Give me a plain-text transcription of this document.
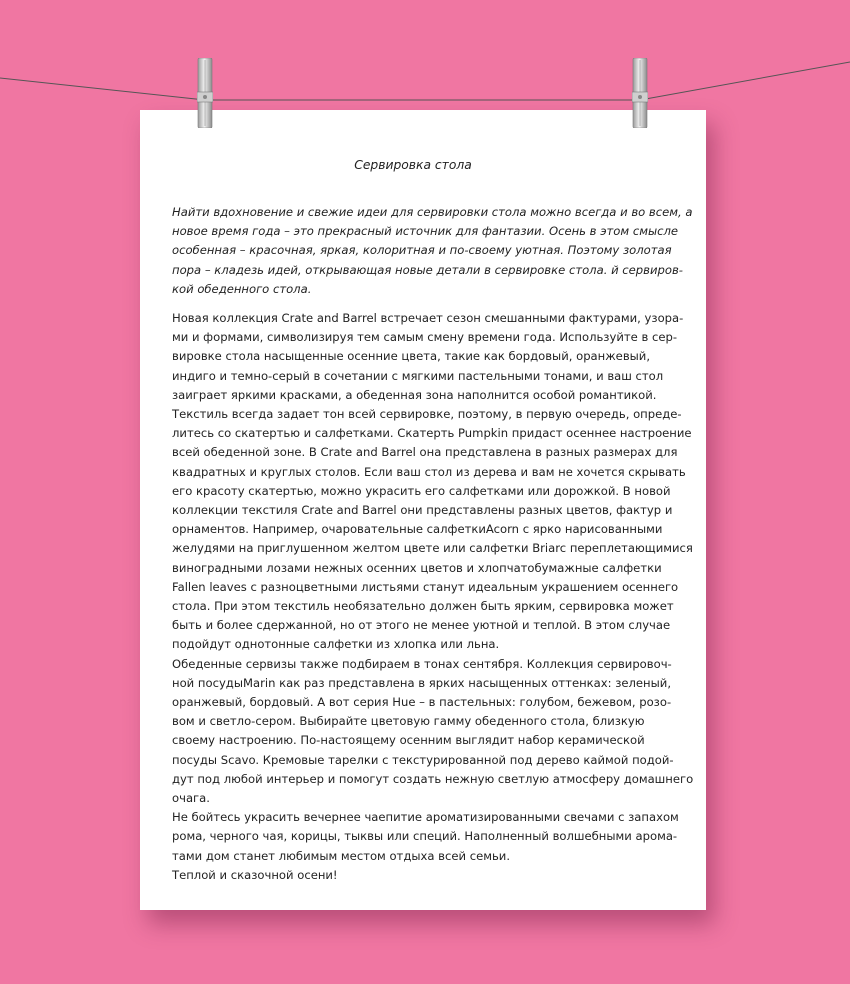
Сервировка стола
Найти вдохновение и свежие идеи для сервировки стола можно всегда и во всем, а
новое время года – это прекрасный источник для фантазии. Осень в этом смысле
особенная – красочная, яркая, колоритная и по-своему уютная. Поэтому золотая
пора – кладезь идей, открывающая новые детали в сервировке стола. й сервиров-
кой обеденного стола.
Новая коллекция Crate and Barrel встречает сезон смешанными фактурами, узора-
ми и формами, символизируя тем самым смену времени года. Используйте в сер-
вировке стола насыщенные осенние цвета, такие как бордовый, оранжевый,
индиго и темно-серый в сочетании с мягкими пастельными тонами, и ваш стол
заиграет яркими красками, а обеденная зона наполнится особой романтикой.
Текстиль всегда задает тон всей сервировке, поэтому, в первую очередь, опреде-
литесь со скатертью и салфетками. Скатерть Pumpkin придаст осеннее настроение
всей обеденной зоне. В Crate and Barrel она представлена в разных размерах для
квадратных и круглых столов. Если ваш стол из дерева и вам не хочется скрывать
его красоту скатертью, можно украсить его салфетками или дорожкой. В новой
коллекции текстиля Crate and Barrel они представлены разных цветов, фактур и
орнаментов. Например, очаровательные салфеткиAcorn с ярко нарисованными
желудями на приглушенном желтом цвете или салфетки Briarc переплетающимися
виноградными лозами нежных осенних цветов и хлопчатобумажные салфетки
Fallen leaves с разноцветными листьями станут идеальным украшением осеннего
стола. При этом текстиль необязательно должен быть ярким, сервировка может
быть и более сдержанной, но от этого не менее уютной и теплой. В этом случае
подойдут однотонные салфетки из хлопка или льна.
Обеденные сервизы также подбираем в тонах сентября. Коллекция сервировоч-
ной посудыMarin как раз представлена в ярких насыщенных оттенках: зеленый,
оранжевый, бордовый. А вот серия Hue – в пастельных: голубом, бежевом, розо-
вом и светло-сером. Выбирайте цветовую гамму обеденного стола, близкую
своему настроению. По-настоящему осенним выглядит набор керамической
посуды Scavo. Кремовые тарелки с текстурированной под дерево каймой подой-
дут под любой интерьер и помогут создать нежную светлую атмосферу домашнего
очага.
Не бойтесь украсить вечернее чаепитие ароматизированными свечами с запахом
рома, черного чая, корицы, тыквы или специй. Наполненный волшебными арома-
тами дом станет любимым местом отдыха всей семьи.
Теплой и сказочной осени!
